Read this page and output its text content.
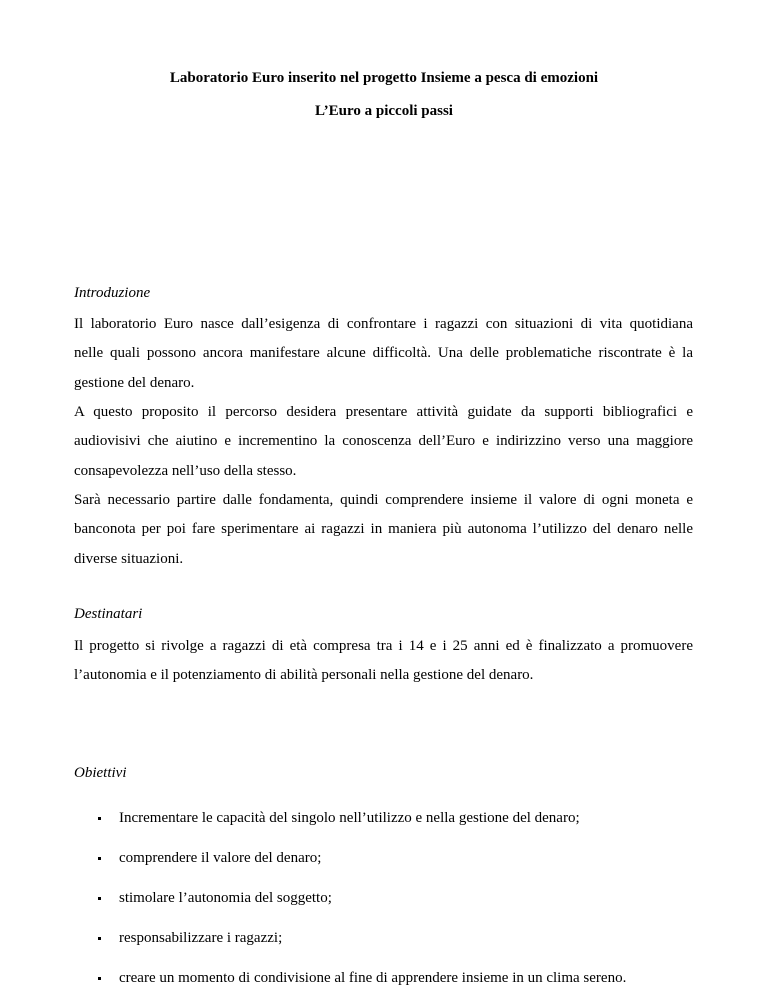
Laboratorio Euro inserito nel progetto Insieme a pesca di emozioni
L’Euro a piccoli passi
Introduzione
Il laboratorio Euro nasce dall’esigenza di confrontare i ragazzi con situazioni di vita quotidiana
nelle quali possono ancora manifestare alcune difficoltà. Una delle problematiche riscontrate è la
gestione del denaro.
A questo proposito il percorso desidera presentare attività guidate da supporti bibliografici e
audiovisivi che aiutino e incrementino la conoscenza dell’Euro e indirizzino verso una maggiore
consapevolezza nell’uso della stesso.
Sarà necessario partire dalle fondamenta, quindi comprendere insieme il valore di ogni moneta e
banconota per poi fare sperimentare ai ragazzi in maniera più autonoma l’utilizzo del denaro nelle
diverse situazioni.
Destinatari
Il progetto si rivolge a ragazzi di età compresa tra i 14 e i 25 anni ed è finalizzato a promuovere
l’autonomia e il potenziamento di abilità personali nella gestione del denaro.
Obiettivi
Incrementare le capacità del singolo nell’utilizzo e nella gestione del denaro;
comprendere il valore del denaro;
stimolare l’autonomia del soggetto;
responsabilizzare i ragazzi;
creare un momento di condivisione al fine di apprendere insieme in un clima sereno.
